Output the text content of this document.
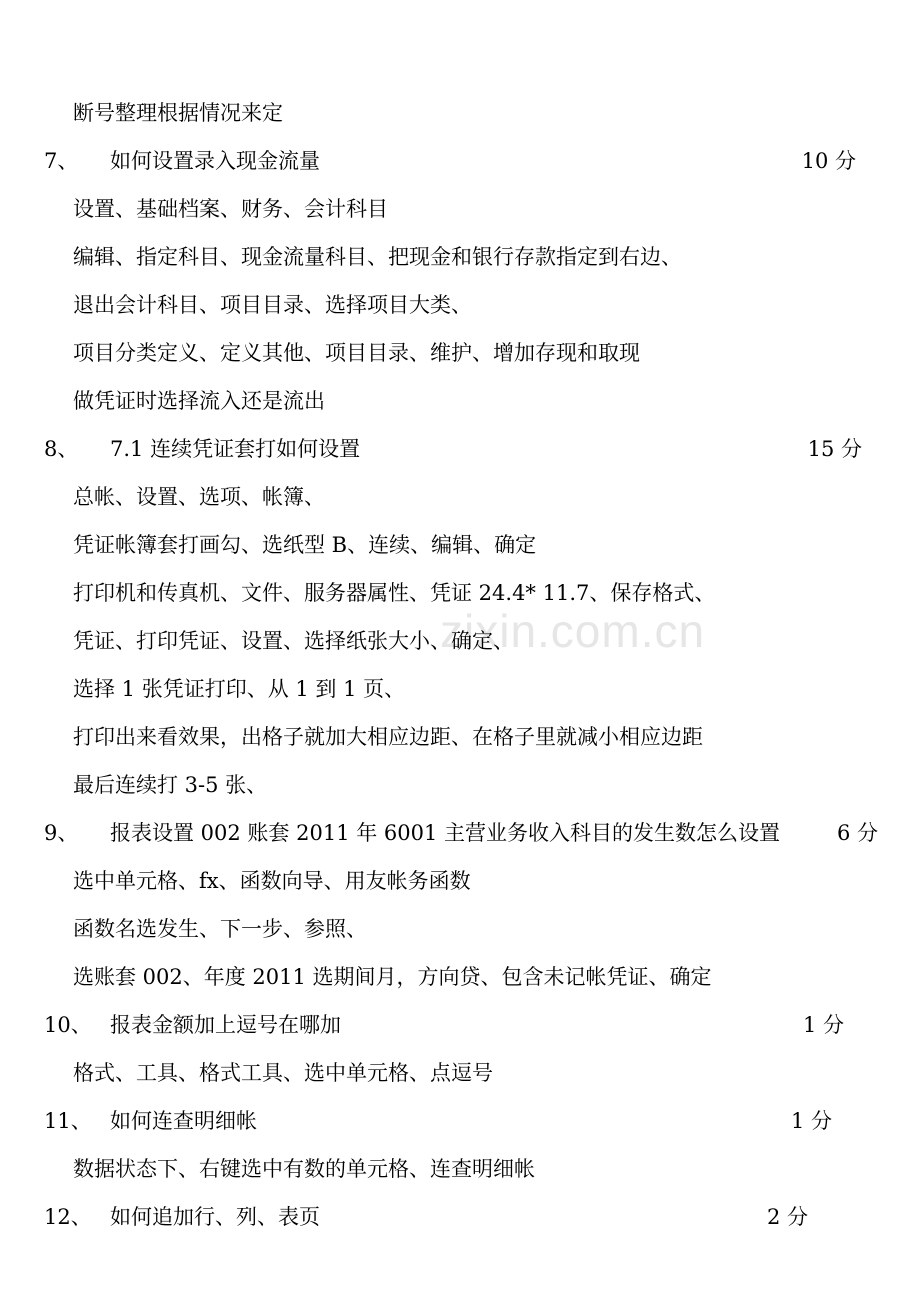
zixin.com.cn
断号整理根据情况来定
7、 如何设置录入现金流量	10 分
设置、基础档案、财务、会计科目
编辑、指定科目、现金流量科目、把现金和银行存款指定到右边、
退出会计科目、项目目录、选择项目大类、
项目分类定义、定义其他、项目目录、维护、增加存现和取现
做凭证时选择流入还是流出
8、 7.1 连续凭证套打如何设置	15 分
总帐、设置、选项、帐簿、
凭证帐簿套打画勾、选纸型 B、连续、编辑、确定
打印机和传真机、文件、服务器属性、凭证 24.4* 11.7、保存格式、
凭证、打印凭证、设置、选择纸张大小、确定、
选择 1 张凭证打印、从 1 到 1 页、
打印出来看效果，出格子就加大相应边距、在格子里就减小相应边距
最后连续打 3-5 张、
9、 报表设置 002 账套 2011 年 6001 主营业务收入科目的发生数怎么设置	6 分
选中单元格、fx、函数向导、用友帐务函数
函数名选发生、下一步、参照、
选账套 002、年度 2011 选期间月，方向贷、包含未记帐凭证、确定
10、 报表金额加上逗号在哪加	1 分
格式、工具、格式工具、选中单元格、点逗号
11、 如何连查明细帐	1 分
数据状态下、右键选中有数的单元格、连查明细帐
12、 如何追加行、列、表页	2 分
